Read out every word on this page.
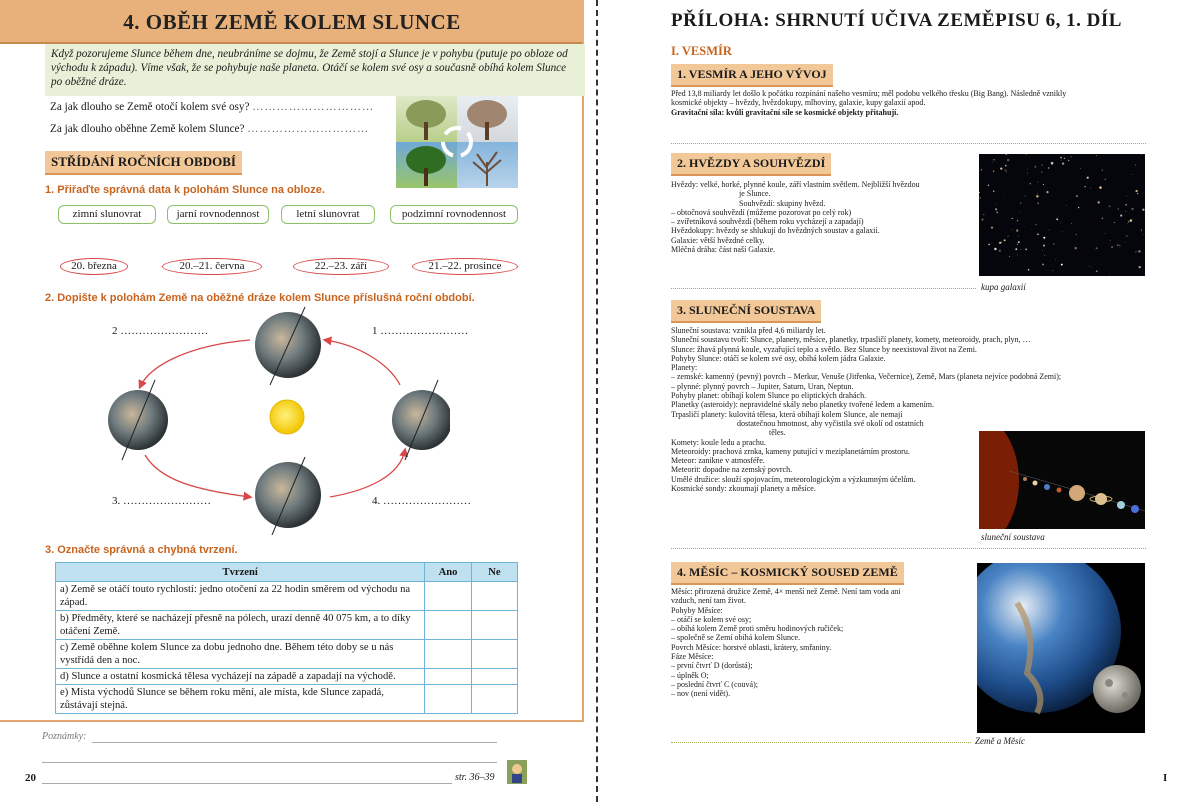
4. OBĚH ZEMĚ KOLEM SLUNCE
Když pozorujeme Slunce během dne, neubráníme se dojmu, že Země stojí a Slunce je v pohybu (putuje po obloze od východu k západu). Víme však, že se pohybuje naše planeta. Otáčí se kolem své osy a současně obíhá kolem Slunce po oběžné dráze.
Za jak dlouho se Země otočí kolem své osy? …………………………
Za jak dlouho oběhne Země kolem Slunce? …………………………
STŘÍDÁNÍ ROČNÍCH OBDOBÍ
1. Přiřaďte správná data k polohám Slunce na obloze.
zimní slunovrat	jarní rovnodennost	letní slunovrat	podzimní rovnodennost
20. března	20.–21. června	22.–23. září	21.–22. prosince
2. Dopište k polohám Země na oběžné dráze kolem Slunce příslušná roční období.
2 ……………………	1 ……………………
3. ……………………	4. ……………………
3. Označte správná a chybná tvrzení.
Tvrzení	Ano	Ne
a) Země se otáčí touto rychlostí: jedno otočení za 22 hodin směrem od východu na západ.		
b) Předměty, které se nacházejí přesně na pólech, urazí denně 40 075 km, a to díky otáčení Země.		
c) Země oběhne kolem Slunce za dobu jednoho dne. Během této doby se u nás vystřídá den a noc.		
d) Slunce a ostatní kosmická tělesa vycházejí na západě a zapadají na východě.		
e) Místa východů Slunce se během roku mění, ale místa, kde Slunce zapadá, zůstávají stejná.		
Poznámky:
20	str. 36–39
PŘÍLOHA: SHRNUTÍ UČIVA ZEMĚPISU 6, 1. DÍL
I. VESMÍR
1. VESMÍR A JEHO VÝVOJ
Před 13,8 miliardy let došlo k počátku rozpínání našeho vesmíru; měl podobu velkého třesku (Big Bang). Následně vznikly
kosmické objekty – hvězdy, hvězdokupy, mlhoviny, galaxie, kupy galaxií apod.
Gravitační síla: kvůli gravitační síle se kosmické objekty přitahují.
2. HVĚZDY A SOUHVĚZDÍ
Hvězdy: velké, horké, plynné koule, září vlastním světlem. Nejbližší hvězdou
je Slunce.
Souhvězdí: skupiny hvězd.
– obtočnová souhvězdí (můžeme pozorovat po celý rok)
– zvířetníková souhvězdí (během roku vycházejí a zapadají)
Hvězdokupy: hvězdy se shlukují do hvězdných soustav a galaxií.
Galaxie: větší hvězdné celky.
Mléčná dráha: část naší Galaxie.
kupa galaxií
3. SLUNEČNÍ SOUSTAVA
Sluneční soustava: vznikla před 4,6 miliardy let.
Sluneční soustavu tvoří: Slunce, planety, měsíce, planetky, trpasličí planety, komety, meteoroidy, prach, plyn, …
Slunce: žhavá plynná koule, vyzařující teplo a světlo. Bez Slunce by neexistoval život na Zemi.
Pohyby Slunce: otáčí se kolem své osy, obíhá kolem jádra Galaxie.
Planety:
– zemské: kamenný (pevný) povrch – Merkur, Venuše (Jitřenka, Večernice), Země, Mars (planeta nejvíce podobná Zemi);
– plynné: plynný povrch – Jupiter, Saturn, Uran, Neptun.
Pohyby planet: obíhají kolem Slunce po eliptických drahách.
Planetky (asteroidy): nepravidelné skály nebo planetky tvořené ledem a kamením.
Trpasličí planety: kulovitá tělesa, která obíhají kolem Slunce, ale nemají
dostatečnou hmotnost, aby vyčistila své okolí od ostatních
těles.
Komety: koule ledu a prachu.
Meteoroidy: prachová zrnka, kameny putující v meziplanetárním prostoru.
Meteor: zanikne v atmosféře.
Meteorit: dopadne na zemský povrch.
Umělé družice: slouží spojovacím, meteorologickým a výzkumným účelům.
Kosmické sondy: zkoumají planety a měsíce.
sluneční soustava
4. MĚSÍC – KOSMICKÝ SOUSED ZEMĚ
Měsíc: přirozená družice Země, 4× menší než Země. Není tam voda ani
vzduch, není tam život.
Pohyby Měsíce:
– otáčí se kolem své osy;
– obíhá kolem Země proti směru hodinových ručiček;
– společně se Zemí obíhá kolem Slunce.
Povrch Měsíce: horstvé oblasti, krátery, smřaniny.
Fáze Měsíce:
– první čtvrť D (dorůstá);
– úplněk O;
– poslední čtvrť C (couvá);
– nov (není vidět).
Země a Měsíc
I
